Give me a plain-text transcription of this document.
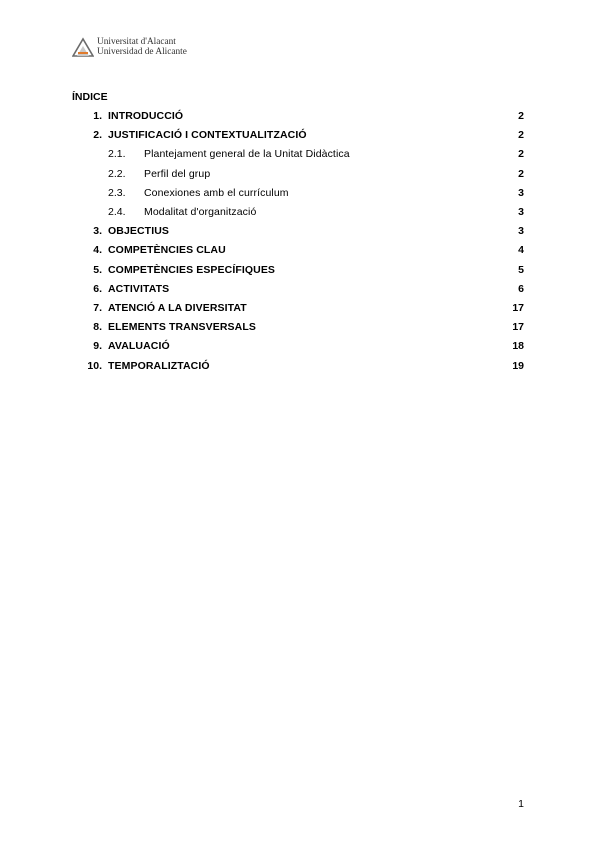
Universitat d'Alacant
Universidad de Alicante
ÍNDICE
1. INTRODUCCIÓ	2
2. JUSTIFICACIÓ I CONTEXTUALITZACIÓ	2
2.1.	Plantejament general de la Unitat Didàctica	2
2.2.	Perfil del grup	2
2.3.	Conexiones amb el currículum	3
2.4.	Modalitat d'organització	3
3. OBJECTIUS	3
4. COMPETÈNCIES CLAU	4
5. COMPETÈNCIES ESPECÍFIQUES	5
6. ACTIVITATS	6
7. ATENCIÓ A LA DIVERSITAT	17
8. ELEMENTS TRANSVERSALS	17
9. AVALUACIÓ	18
10. TEMPORALIZTACIÓ	19
1
